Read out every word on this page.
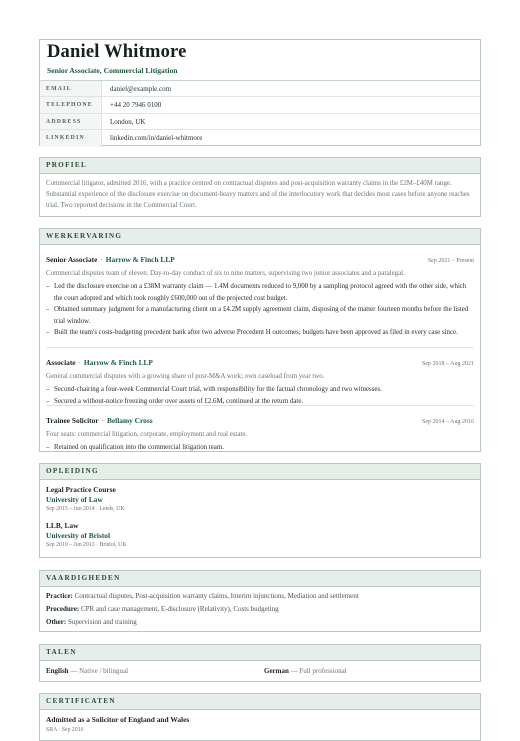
Daniel Whitmore
Senior Associate, Commercial Litigation
EMAIL	daniel@example.com
TELEPHONE	+44 20 7946 0100
ADDRESS	London, UK
LINKEDIN	linkedin.com/in/daniel-whitmore
PROFIEL
Commercial litigator, admitted 2016, with a practice centred on contractual disputes and post-acquisition warranty claims in the £2M–£40M range. Substantial experience of the disclosure exercise on document-heavy matters and of the interlocutory work that decides most cases before anyone reaches trial. Two reported decisions in the Commercial Court.
WERKERVARING
Senior Associate · Harrow & Finch LLP	Sep 2021 – Present
Commercial disputes team of eleven. Day-to-day conduct of six to nine matters, supervising two junior associates and a paralegal.
– Led the disclosure exercise on a £38M warranty claim — 1.4M documents reduced to 9,000 by a sampling protocol agreed with the other side, which the court adopted and which took roughly £600,000 out of the projected cost budget.
– Obtained summary judgment for a manufacturing client on a £4.2M supply agreement claim, disposing of the matter fourteen months before the listed trial window.
– Built the team's costs-budgeting precedent bank after two adverse Precedent H outcomes; budgets have been approved as filed in every case since.
Associate · Harrow & Finch LLP	Sep 2018 – Aug 2021
General commercial disputes with a growing share of post-M&A work; own caseload from year two.
– Second-chairing a four-week Commercial Court trial, with responsibility for the factual chronology and two witnesses.
– Secured a without-notice freezing order over assets of £2.6M, continued at the return date.
Trainee Solicitor · Bellamy Cross	Sep 2014 – Aug 2016
Four seats: commercial litigation, corporate, employment and real estate.
– Retained on qualification into the commercial litigation team.
OPLEIDING
Legal Practice Course
University of Law
Sep 2015 – Jun 2014 · Leeds, UK
LLB, Law
University of Bristol
Sep 2010 – Jun 2013 · Bristol, UK
VAARDIGHEDEN
Practice: Contractual disputes, Post-acquisition warranty claims, Interim injunctions, Mediation and settlement
Procedure: CPR and case management, E-disclosure (Relativity), Costs budgeting
Other: Supervision and training
TALEN
English — Native / bilingual	German — Full professional
CERTIFICATEN
Admitted as a Solicitor of England and Wales
SRA · Sep 2016
